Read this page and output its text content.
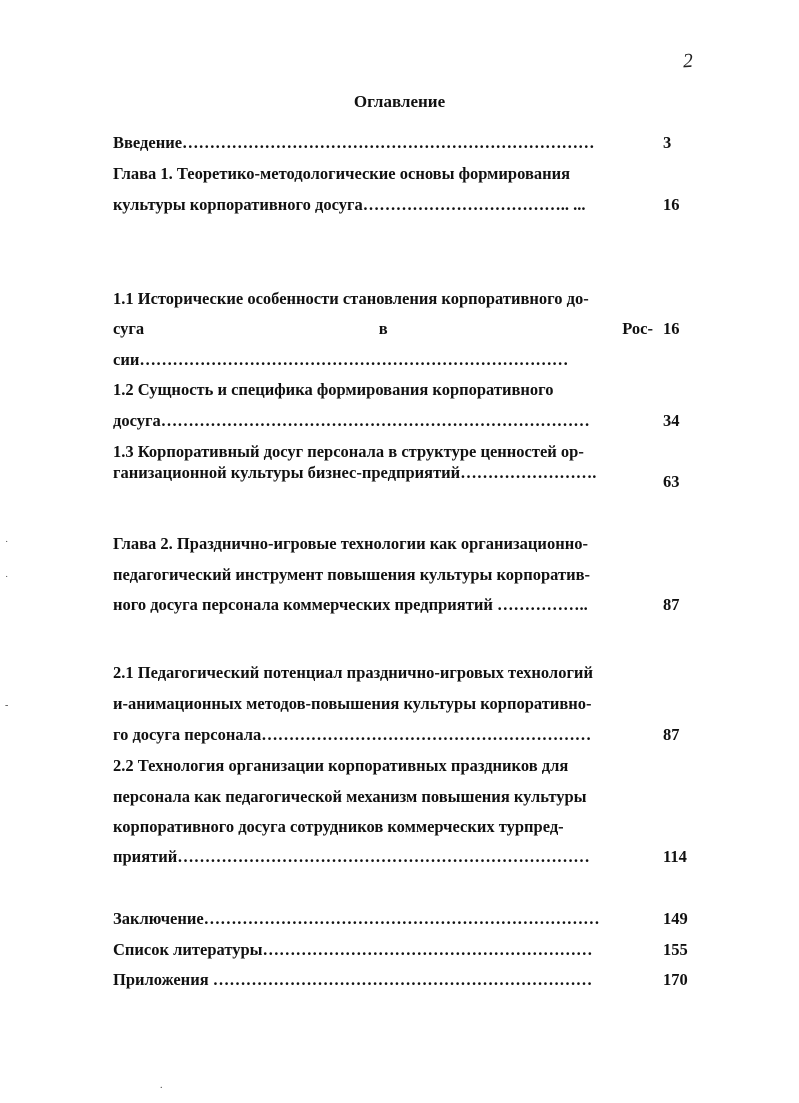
2
Оглавление
Введение…………………………………………………………………	3
Глава 1. Теоретико-методологические основы формирования
культуры корпоративного досуга……………………………….. ...	16
1.1 Исторические особенности становления корпоративного до-
суга	в	Рос- 16
сии……………………………………………………………………
1.2 Сущность и специфика формирования корпоративного
досуга……………………………………………………………………	34
1.3 Корпоративный досуг персонала в структуре ценностей ор-
ганизационной культуры бизнес-предприятий…………………….	63
Глава 2. Празднично-игровые технологии как организационно-
педагогический инструмент повышения культуры корпоратив-
ного досуга персонала коммерческих предприятий ……………..	87
2.1 Педагогический потенциал празднично-игровых технологий
и-анимационных методов-повышения культуры корпоративно-
го досуга персонала……………………………………………………	87
2.2 Технология организации корпоративных праздников для
персонала как педагогической механизм повышения культуры
корпоративного досуга сотрудников коммерческих турпред-
приятий…………………………………………………………………	114
Заключение………………………………………………………………	149
Список литературы……………………………………………………	155
Приложения ……………………………………………………………	170
˙
˙
-
.
